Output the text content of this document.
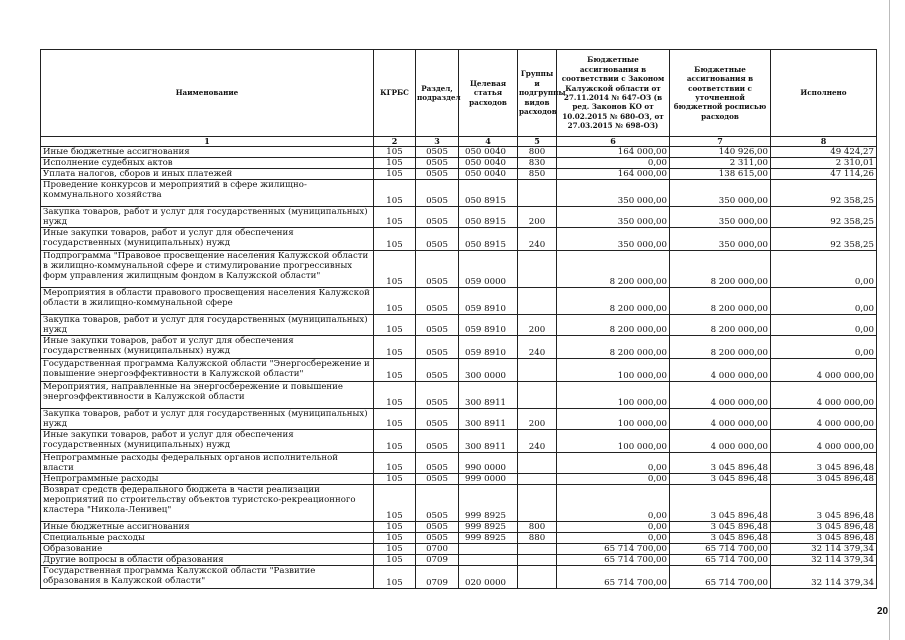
Наименование	КГРБС	Раздел, подраздел	Целевая статья расходов	Группы и подгруппы видов расходов	Бюджетные ассигнования в соответствии с Законом Калужской области от 27.11.2014 № 647-ОЗ (в ред. Законов КО от 10.02.2015 № 680-ОЗ, от 27.03.2015 № 698-ОЗ)	Бюджетные ассигнования в соответствии с уточненной бюджетной росписью расходов	Исполнено
1	2	3	4	5	6	7	8
Иные бюджетные ассигнования	105	0505	050 0040	800	164 000,00	140 926,00	49 424,27
Исполнение судебных актов	105	0505	050 0040	830	0,00	2 311,00	2 310,01
Уплата налогов, сборов и иных платежей	105	0505	050 0040	850	164 000,00	138 615,00	47 114,26
Проведение конкурсов и мероприятий в сфере жилищно-коммунального хозяйства	105	0505	050 8915		350 000,00	350 000,00	92 358,25
Закупка товаров, работ и услуг для государственных (муниципальных) нужд	105	0505	050 8915	200	350 000,00	350 000,00	92 358,25
Иные закупки товаров, работ и услуг для обеспечения государственных (муниципальных) нужд	105	0505	050 8915	240	350 000,00	350 000,00	92 358,25
Подпрограмма "Правовое просвещение населения Калужской области в жилищно-коммунальной сфере и стимулирование прогрессивных форм управления жилищным фондом в Калужской области"	105	0505	059 0000		8 200 000,00	8 200 000,00	0,00
Мероприятия в области правового просвещения населения Калужской области в жилищно-коммунальной сфере	105	0505	059 8910		8 200 000,00	8 200 000,00	0,00
Закупка товаров, работ и услуг для государственных (муниципальных) нужд	105	0505	059 8910	200	8 200 000,00	8 200 000,00	0,00
Иные закупки товаров, работ и услуг для обеспечения государственных (муниципальных) нужд	105	0505	059 8910	240	8 200 000,00	8 200 000,00	0,00
Государственная программа Калужской области "Энергосбережение и повышение энергоэффективности в Калужской области"	105	0505	300 0000		100 000,00	4 000 000,00	4 000 000,00
Мероприятия, направленные на энергосбережение и повышение энергоэффективности в Калужской области	105	0505	300 8911		100 000,00	4 000 000,00	4 000 000,00
Закупка товаров, работ и услуг для государственных (муниципальных) нужд	105	0505	300 8911	200	100 000,00	4 000 000,00	4 000 000,00
Иные закупки товаров, работ и услуг для обеспечения государственных (муниципальных) нужд	105	0505	300 8911	240	100 000,00	4 000 000,00	4 000 000,00
Непрограммные расходы федеральных органов исполнительной власти	105	0505	990 0000		0,00	3 045 896,48	3 045 896,48
Непрограммные расходы	105	0505	999 0000		0,00	3 045 896,48	3 045 896,48
Возврат средств федерального бюджета в части реализации мероприятий по строительству объектов туристско-рекреационного кластера "Никола-Ленивец"	105	0505	999 8925		0,00	3 045 896,48	3 045 896,48
Иные бюджетные ассигнования	105	0505	999 8925	800	0,00	3 045 896,48	3 045 896,48
Специальные расходы	105	0505	999 8925	880	0,00	3 045 896,48	3 045 896,48
Образование	105	0700			65 714 700,00	65 714 700,00	32 114 379,34
Другие вопросы в области образования	105	0709			65 714 700,00	65 714 700,00	32 114 379,34
Государственная программа Калужской области "Развитие образования в Калужской области"	105	0709	020 0000		65 714 700,00	65 714 700,00	32 114 379,34
20
